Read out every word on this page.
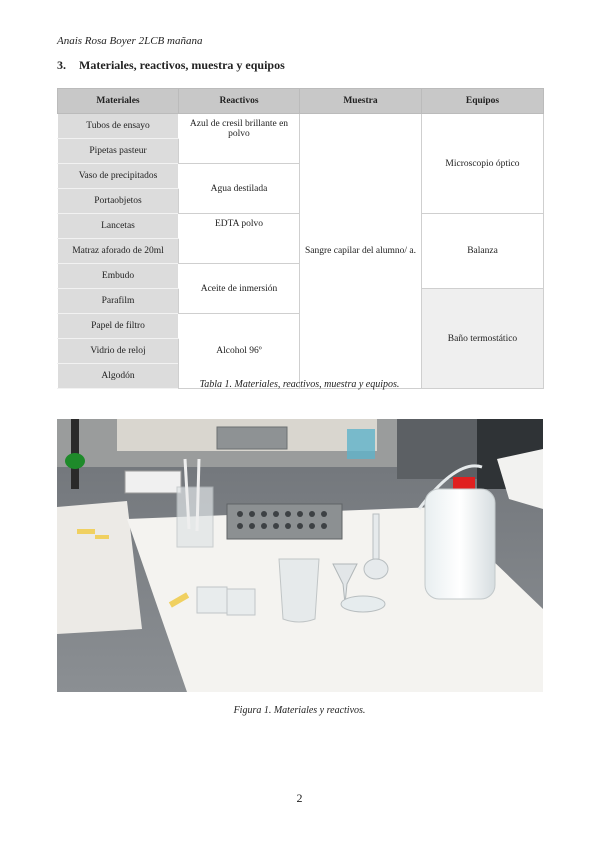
Anais Rosa Boyer 2LCB mañana
3. Materiales, reactivos, muestra y equipos
Materiales	Reactivos	Muestra	Equipos
Tubos de ensayo	Azul de cresil brillante en polvo	Sangre capilar del alumno/ a.	Microscopio óptico
Pipetas pasteur			
Vaso de precipitados	Agua destilada		
Portaobjetos			
Lancetas	EDTA polvo		Balanza
Matraz aforado de 20ml			
Embudo	Aceite de inmersión		
Parafilm			Baño termostático
Papel de filtro	Alcohol 96º		
Vidrio de reloj			
Algodón			
Tabla 1. Materiales, reactivos, muestra y equipos.
Figura 1. Materiales y reactivos.
2
